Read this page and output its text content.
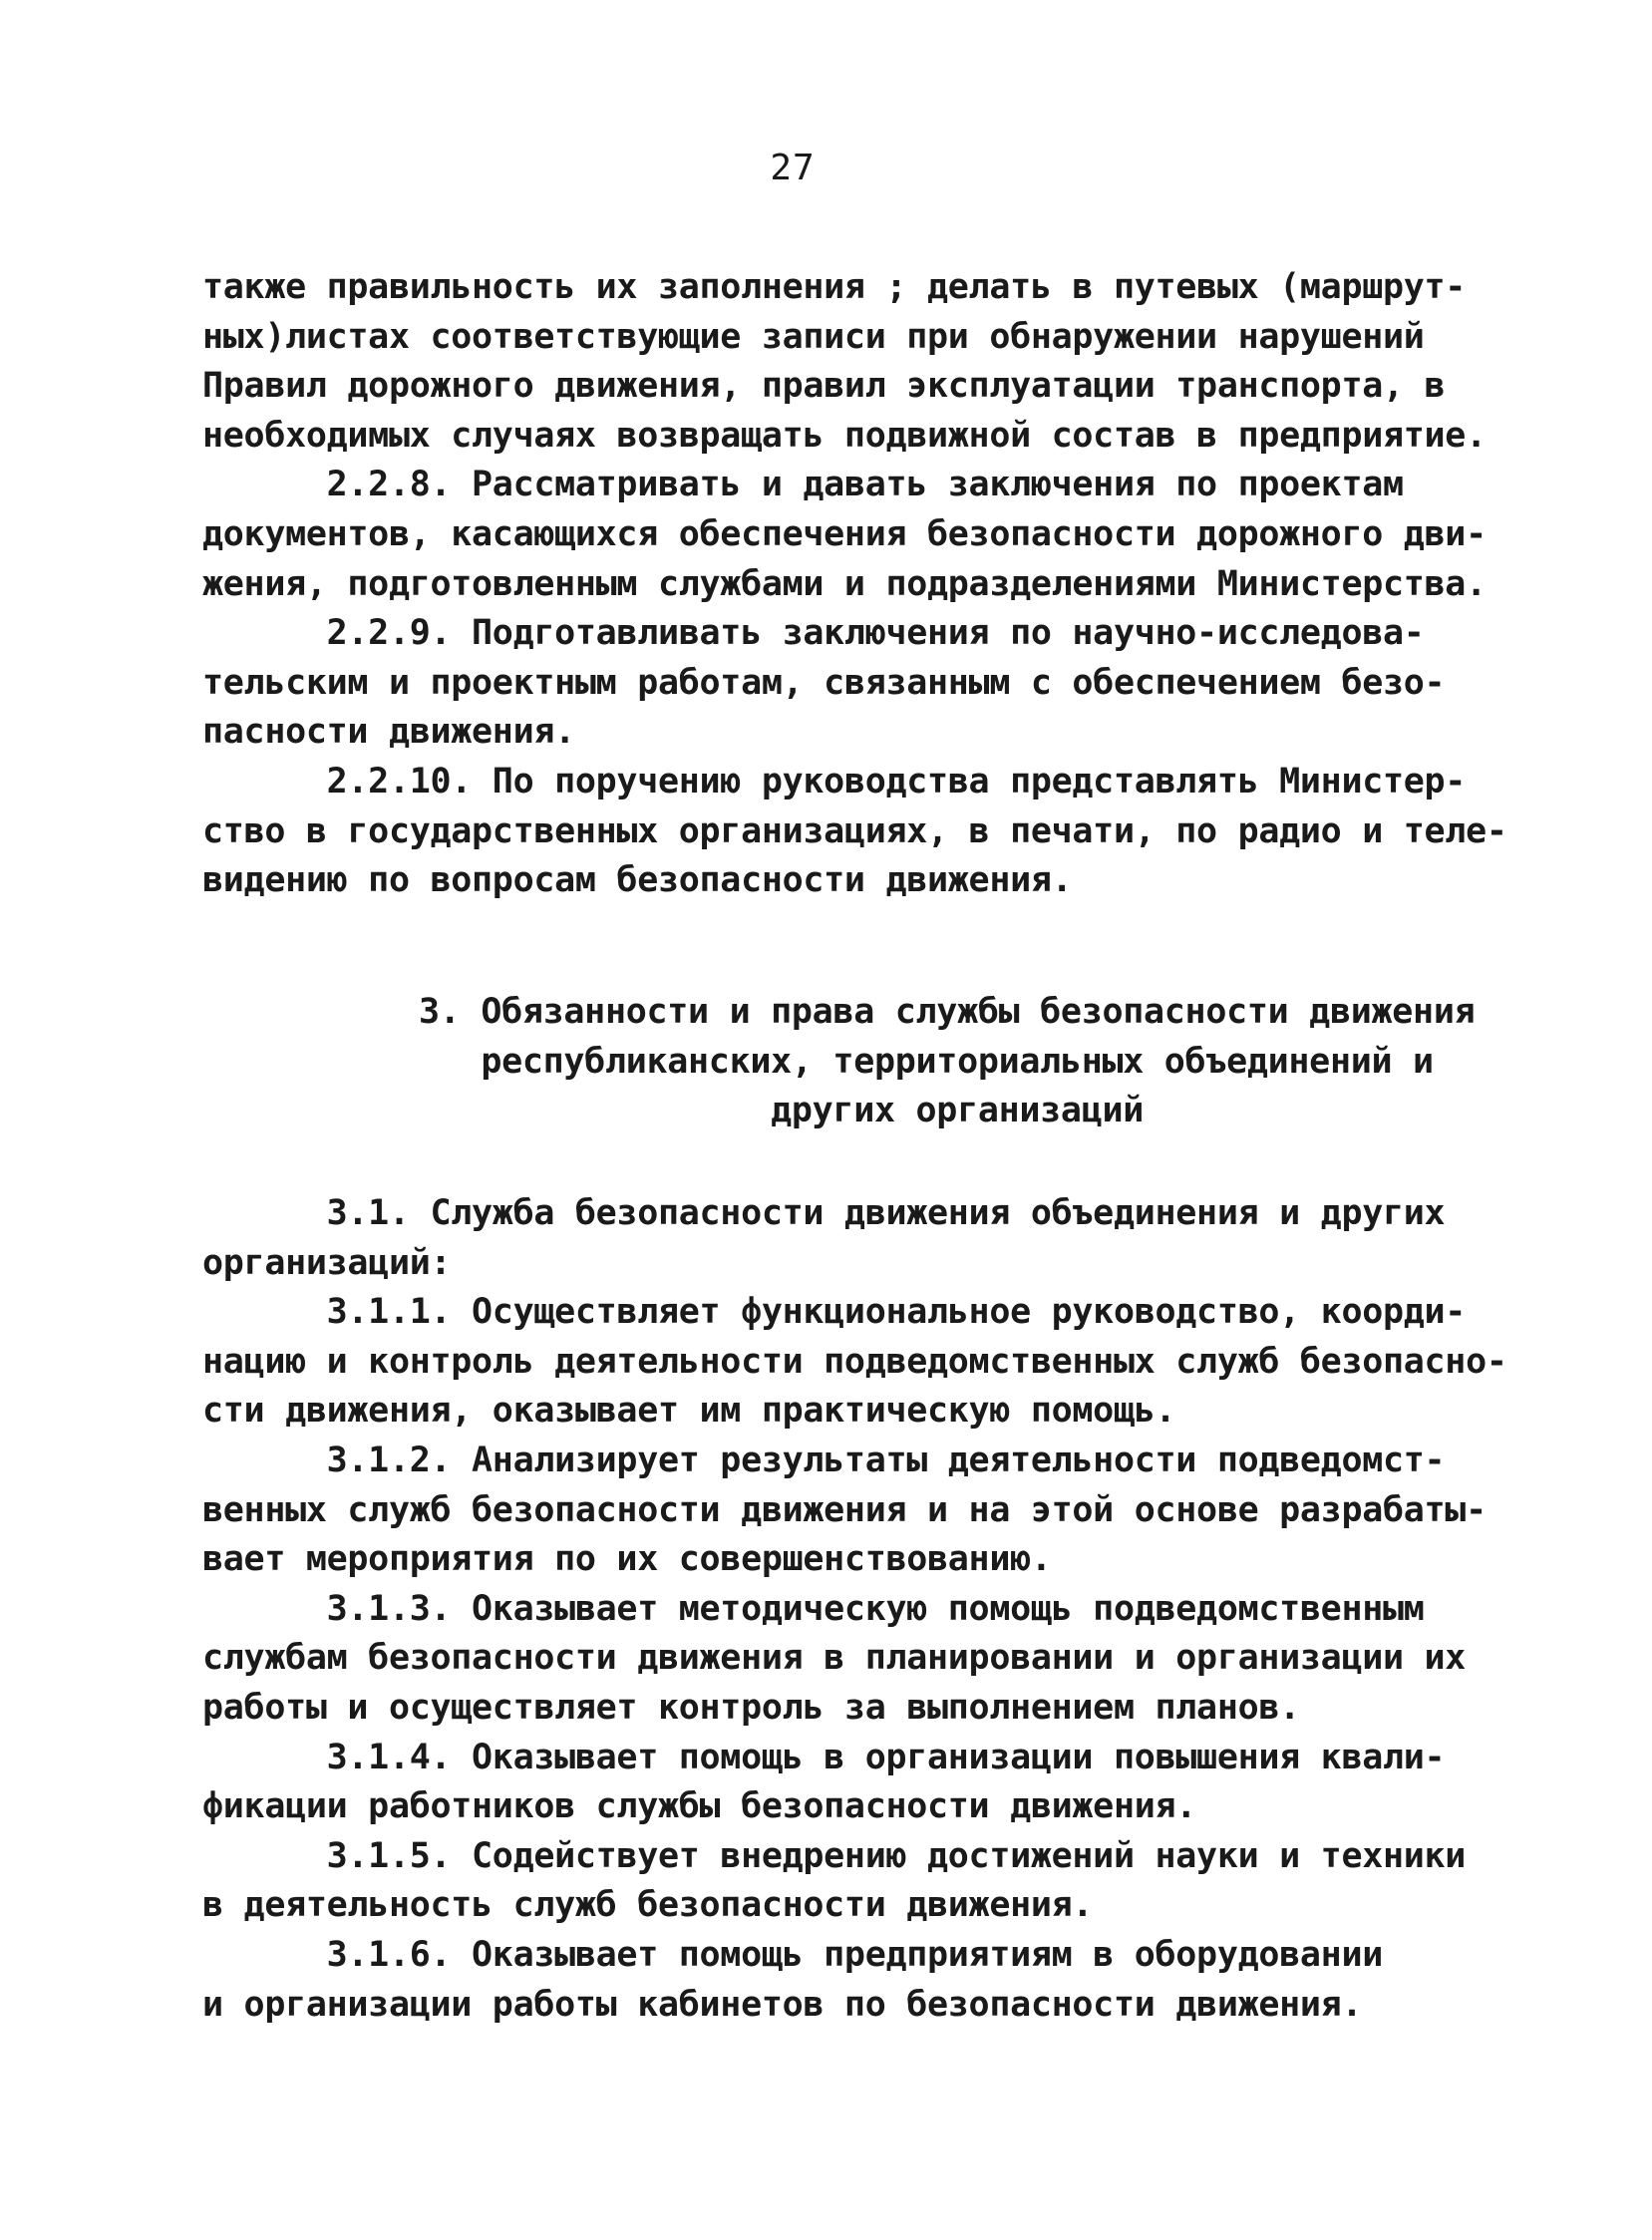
27
также правильность их заполнения ; делать в путевых (маршрут-
ных)листах соответствующие записи при обнаружении нарушений
Правил дорожного движения, правил эксплуатации транспорта, в
необходимых случаях возвращать подвижной состав в предприятие.
2.2.8. Рассматривать и давать заключения по проектам
документов, касающихся обеспечения безопасности дорожного дви-
жения, подготовленным службами и подразделениями Министерства.
2.2.9. Подготавливать заключения по научно-исследова-
тельским и проектным работам, связанным с обеспечением безо-
пасности движения.
2.2.10. По поручению руководства представлять Министер-
ство в государственных организациях, в печати, по радио и теле-
видению по вопросам безопасности движения.
3. Обязанности и права службы безопасности движения
республиканских, территориальных объединений и
других организаций
3.1. Служба безопасности движения объединения и других
организаций:
3.1.1. Осуществляет функциональное руководство, коорди-
нацию и контроль деятельности подведомственных служб безопасно-
сти движения, оказывает им практическую помощь.
3.1.2. Анализирует результаты деятельности подведомст-
венных служб безопасности движения и на этой основе разрабаты-
вает мероприятия по их совершенствованию.
3.1.3. Оказывает методическую помощь подведомственным
службам безопасности движения в планировании и организации их
работы и осуществляет контроль за выполнением планов.
3.1.4. Оказывает помощь в организации повышения квали-
фикации работников службы безопасности движения.
3.1.5. Содействует внедрению достижений науки и техники
в деятельность служб безопасности движения.
3.1.6. Оказывает помощь предприятиям в оборудовании
и организации работы кабинетов по безопасности движения.
